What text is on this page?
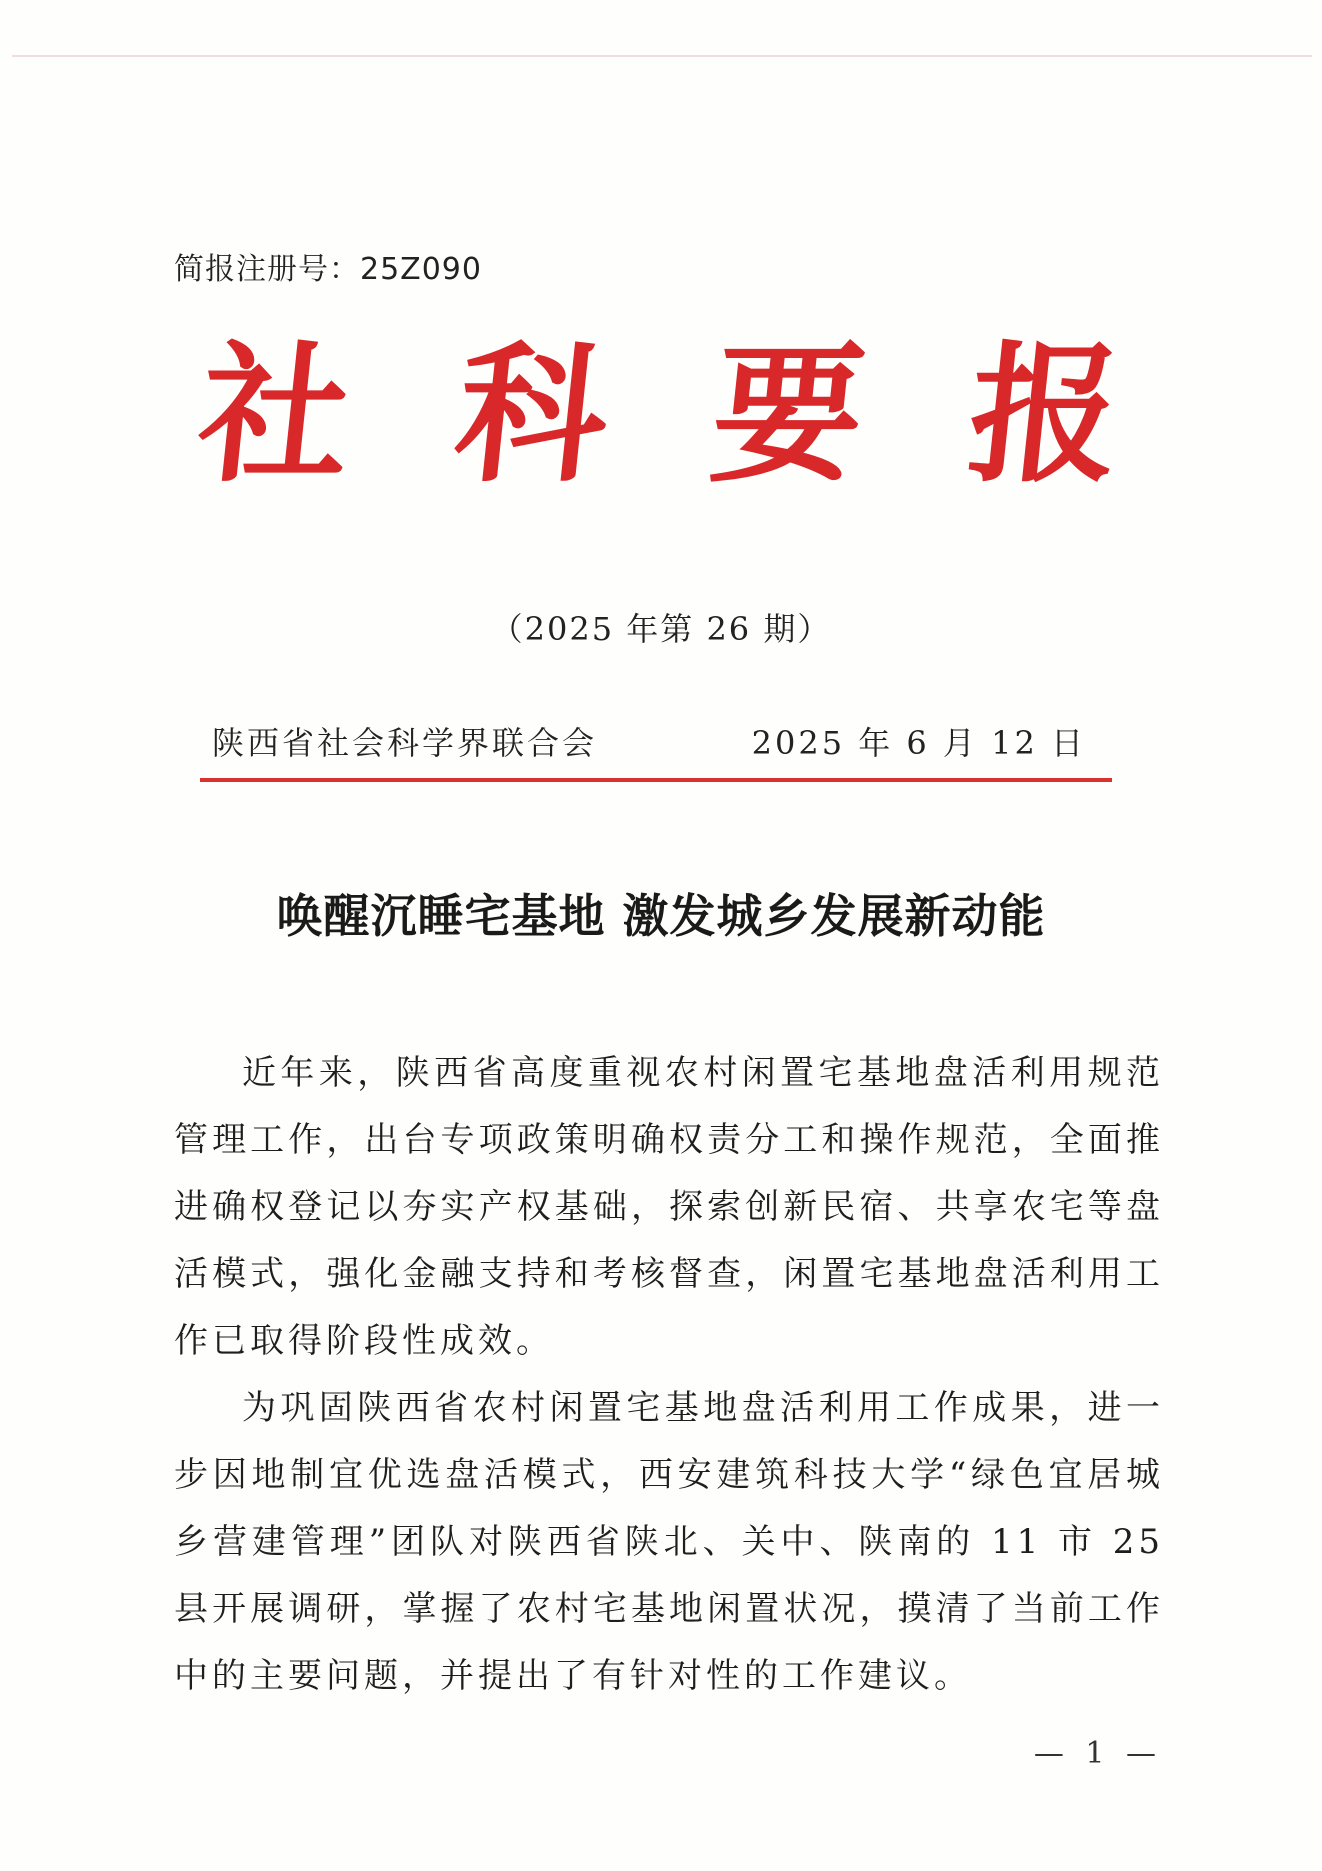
简报注册号：25Z090
社 科 要 报
（2025 年第 26 期）
陕西省社会科学界联合会	2025 年 6 月 12 日
唤醒沉睡宅基地 激发城乡发展新动能

近年来，陕西省高度重视农村闲置宅基地盘活利用规范管理工作，出台专项政策明确权责分工和操作规范，全面推进确权登记以夯实产权基础，探索创新民宿、共享农宅等盘活模式，强化金融支持和考核督查，闲置宅基地盘活利用工作已取得阶段性成效。

为巩固陕西省农村闲置宅基地盘活利用工作成果，进一步因地制宜优选盘活模式，西安建筑科技大学“绿色宜居城乡营建管理”团队对陕西省陕北、关中、陕南的 11 市 25 县开展调研，掌握了农村宅基地闲置状况，摸清了当前工作中的主要问题，并提出了有针对性的工作建议。

— 1 —
